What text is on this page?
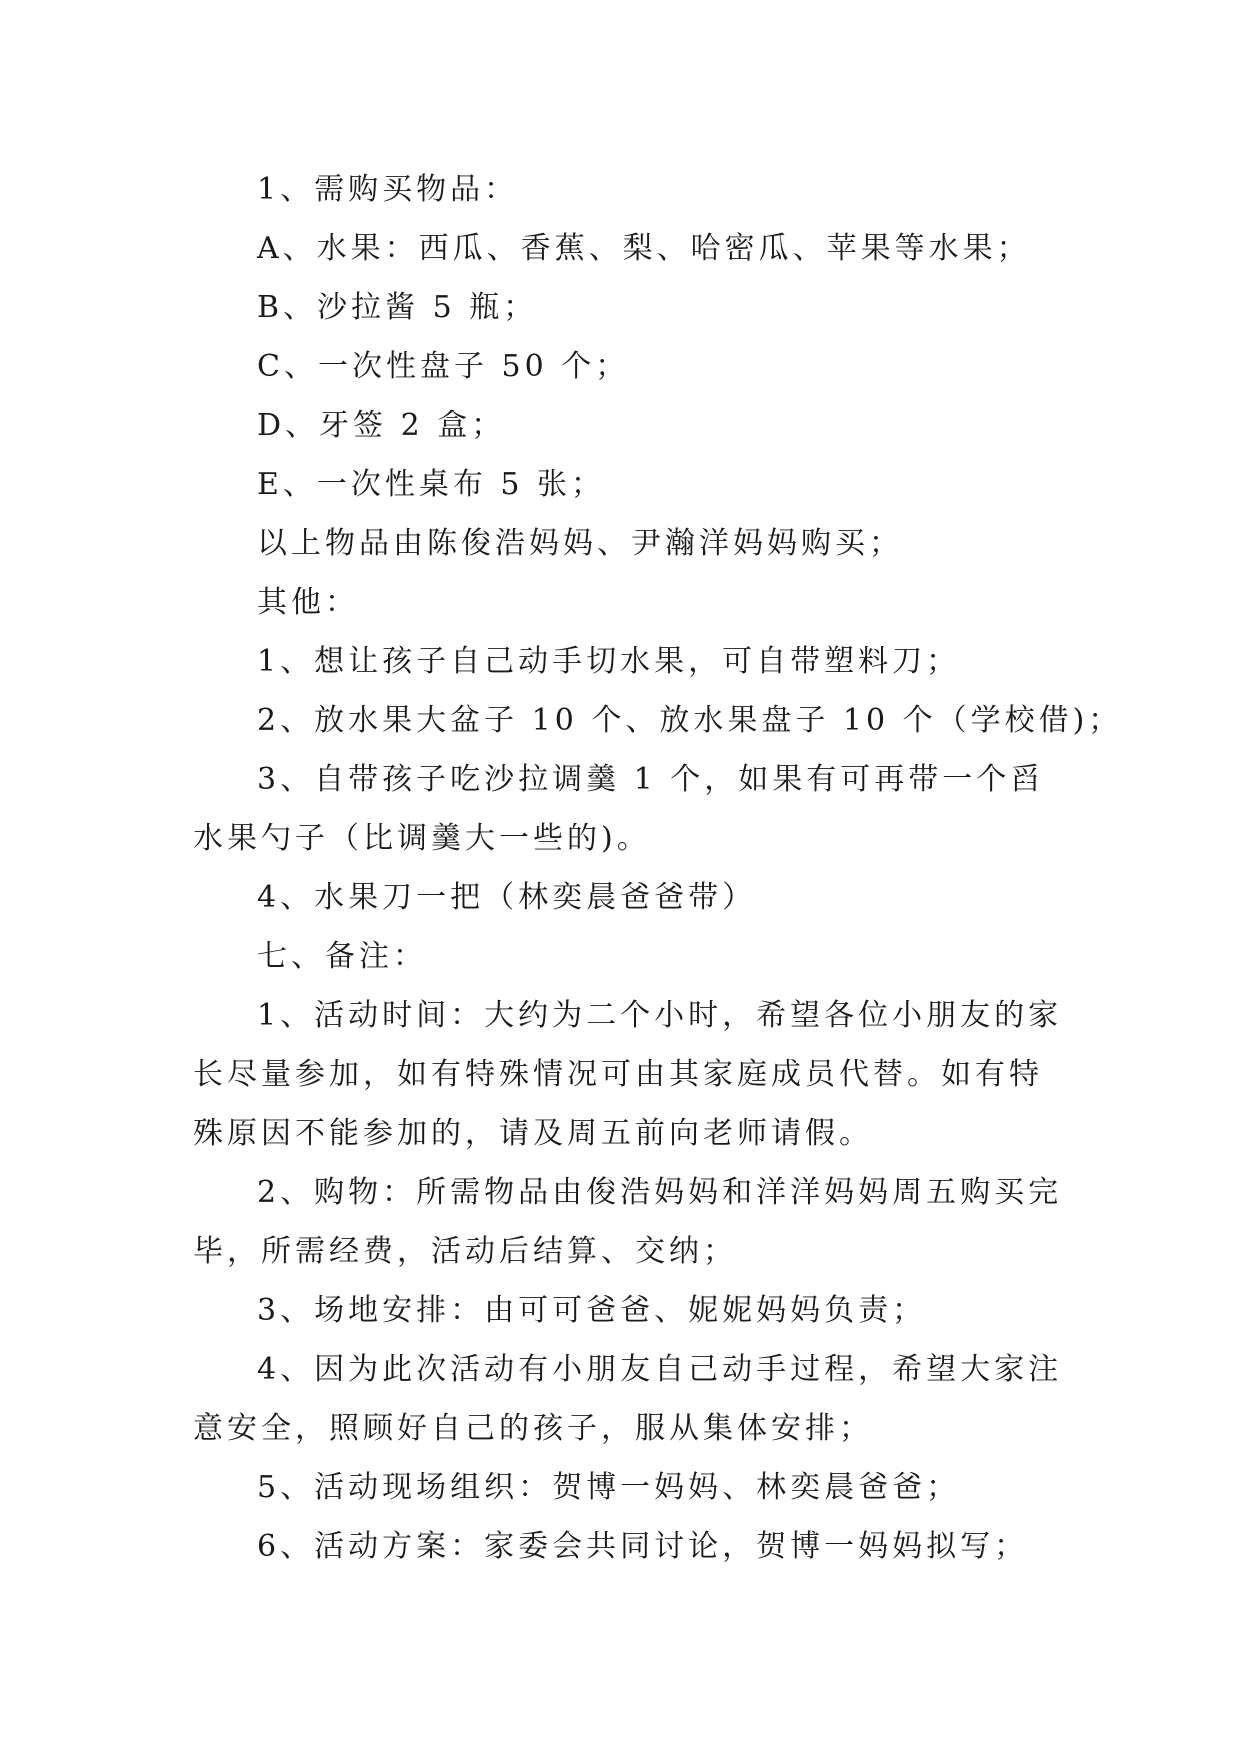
1、需购买物品：

A、水果：西瓜、香蕉、梨、哈密瓜、苹果等水果；

B、沙拉酱 5 瓶；

C、一次性盘子 50 个；

D、牙签 2 盒；

E、一次性桌布 5 张；

以上物品由陈俊浩妈妈、尹瀚洋妈妈购买；

其他：

1、想让孩子自己动手切水果，可自带塑料刀；

2、放水果大盆子 10 个、放水果盘子 10 个（学校借)；

3、自带孩子吃沙拉调羹 1 个，如果有可再带一个舀水果勺子（比调羹大一些的)。

4、水果刀一把（林奕晨爸爸带）

七、备注：

1、活动时间：大约为二个小时，希望各位小朋友的家长尽量参加，如有特殊情况可由其家庭成员代替。如有特殊原因不能参加的，请及周五前向老师请假。

2、购物：所需物品由俊浩妈妈和洋洋妈妈周五购买完毕，所需经费，活动后结算、交纳；

3、场地安排：由可可爸爸、妮妮妈妈负责；

4、因为此次活动有小朋友自己动手过程，希望大家注意安全，照顾好自己的孩子，服从集体安排；

5、活动现场组织：贺博一妈妈、林奕晨爸爸；

6、活动方案：家委会共同讨论，贺博一妈妈拟写；
